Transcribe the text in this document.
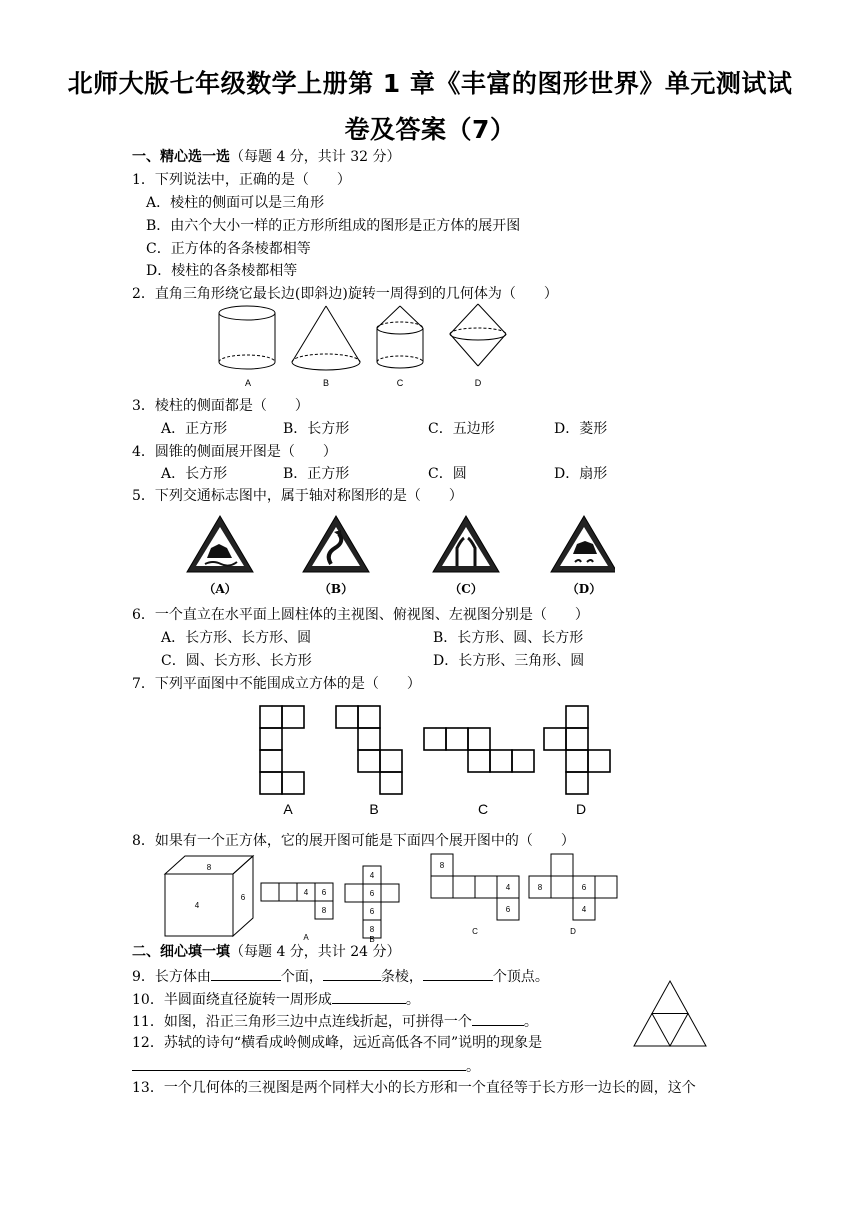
北师大版七年级数学上册第 1 章《丰富的图形世界》单元测试试
卷及答案（7）
一、精心选一选（每题 4 分，共计 32 分）
1．下列说法中，正确的是（　　）
A．棱柱的侧面可以是三角形
B．由六个大小一样的正方形所组成的图形是正方体的展开图
C．正方体的各条棱都相等
D．棱柱的各条棱都相等
2．直角三角形绕它最长边(即斜边)旋转一周得到的几何体为（　　）
A	B	C	D
3．棱柱的侧面都是（　　）
A．正方形	B．长方形	C．五边形	D．菱形
4．圆锥的侧面展开图是（　　）
A．长方形	B．正方形	C．圆	D．扇形
5．下列交通标志图中，属于轴对称图形的是（　　）
（A）	（B）	（C）	（D）
6．一个直立在水平面上圆柱体的主视图、俯视图、左视图分别是（　　）
A．长方形、长方形、圆	B．长方形、圆、长方形
C．圆、长方形、长方形	D．长方形、三角形、圆
7．下列平面图中不能围成立方体的是（　　）
A	B	C	D
8．如果有一个正方体，它的展开图可能是下面四个展开图中的（　　）
8
4
6
4 6
8
4
6
6
8
8
4
6
8	6
4
A	B
C	D
二、细心填一填（每题 4 分，共计 24 分）
9．长方体由	个面，	条棱，	个顶点。
10．半圆面绕直径旋转一周形成	。
11．如图，沿正三角形三边中点连线折起，可拼得一个	。
12．苏轼的诗句“横看成岭侧成峰，远近高低各不同”说明的现象是
。
13．一个几何体的三视图是两个同样大小的长方形和一个直径等于长方形一边长的圆，这个
